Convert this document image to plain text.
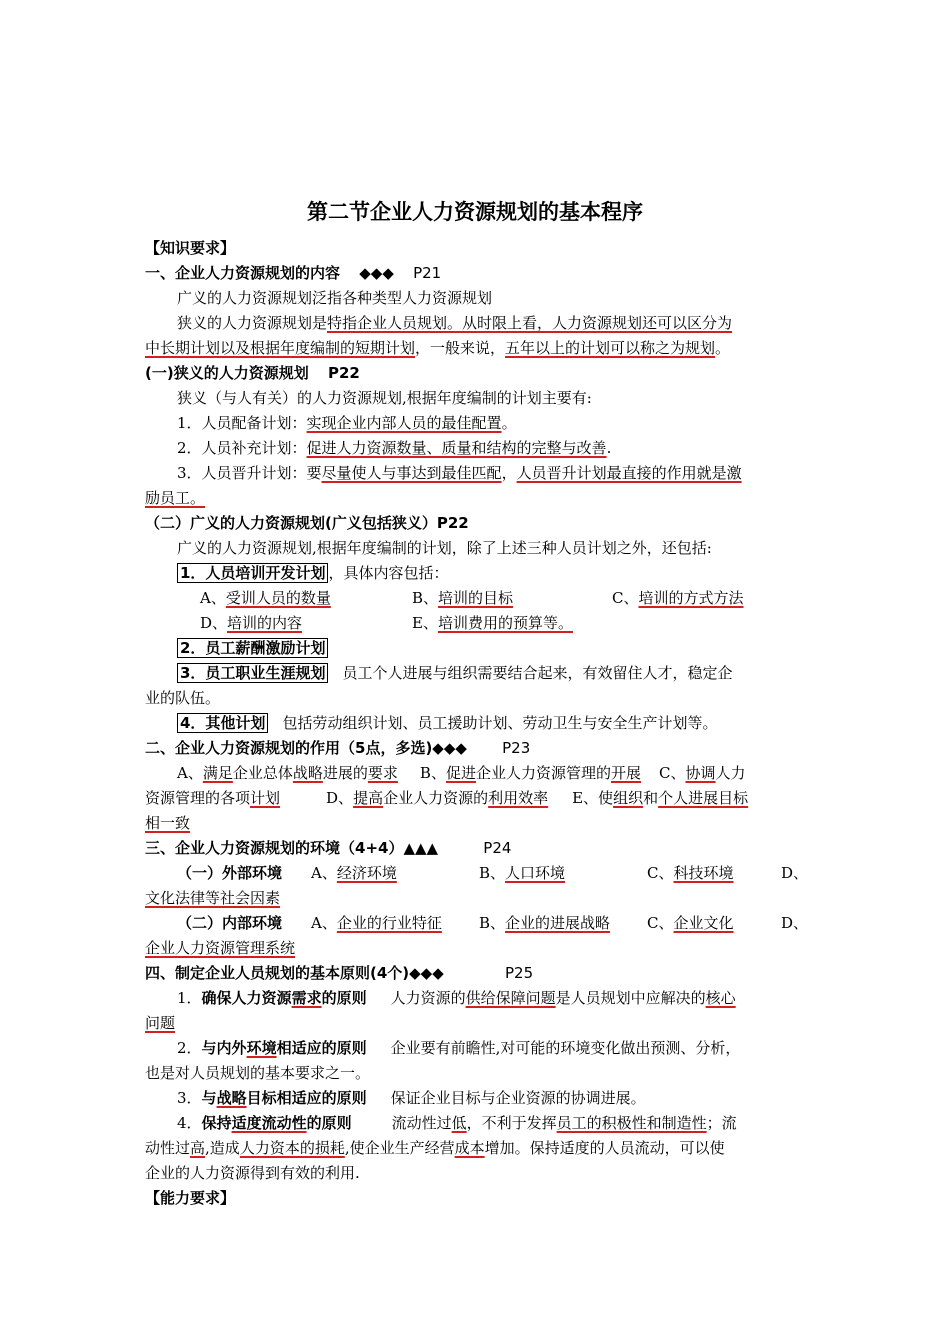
第二节企业人力资源规划的基本程序
【知识要求】
一、企业人力资源规划的内容 ◆◆◆ P21
广义的人力资源规划泛指各种类型人力资源规划
狭义的人力资源规划是特指企业人员规划。从时限上看，人力资源规划还可以区分为
中长期计划以及根据年度编制的短期计划，一般来说，五年以上的计划可以称之为规划。
(一)狭义的人力资源规划 P22
狭义（与人有关）的人力资源规划,根据年度编制的计划主要有:
1．人员配备计划：实现企业内部人员的最佳配置。
2．人员补充计划：促进人力资源数量、质量和结构的完整与改善.
3．人员晋升计划：要尽量使人与事达到最佳匹配，人员晋升计划最直接的作用就是激
励员工。
（二）广义的人力资源规划(广义包括狭义）P22
广义的人力资源规划,根据年度编制的计划，除了上述三种人员计划之外，还包括:
1．人员培训开发计划 ，具体内容包括：
A、受训人员的数量	B、培训的目标	C、培训的方式方法
D、培训的内容	E、培训费用的预算等。
2．员工薪酬激励计划
3．员工职业生涯规划 员工个人进展与组织需要结合起来，有效留住人才，稳定企
业的队伍。
4．其他计划 包括劳动组织计划、员工援助计划、劳动卫生与安全生产计划等。
二、企业人力资源规划的作用（5点，多选)◆◆◆ P23
A、满足企业总体战略进展的要求 B、促进企业人力资源管理的开展 C、协调人力
资源管理的各项计划	D、提高企业人力资源的利用效率 E、使组织和个人进展目标
相一致
三、企业人力资源规划的环境（4+4）▲▲▲	P24
（一）外部环境 A、经济环境	B、人口环境	C、科技环境	D、
文化法律等社会因素
（二）内部环境 A、企业的行业特征 B、企业的进展战略 C、企业文化	D、
企业人力资源管理系统
四、制定企业人员规划的基本原则(4个)◆◆◆	P25
1．确保人力资源需求的原则 人力资源的供给保障问题是人员规划中应解决的核心
问题
2．与内外环境相适应的原则 企业要有前瞻性,对可能的环境变化做出预测、分析，
也是对人员规划的基本要求之一。
3．与战略目标相适应的原则 保证企业目标与企业资源的协调进展。
4．保持适度流动性的原则	流动性过低，不利于发挥员工的积极性和制造性；流
动性过高,造成人力资本的损耗,使企业生产经营成本增加。保持适度的人员流动，可以使
企业的人力资源得到有效的利用.
【能力要求】
